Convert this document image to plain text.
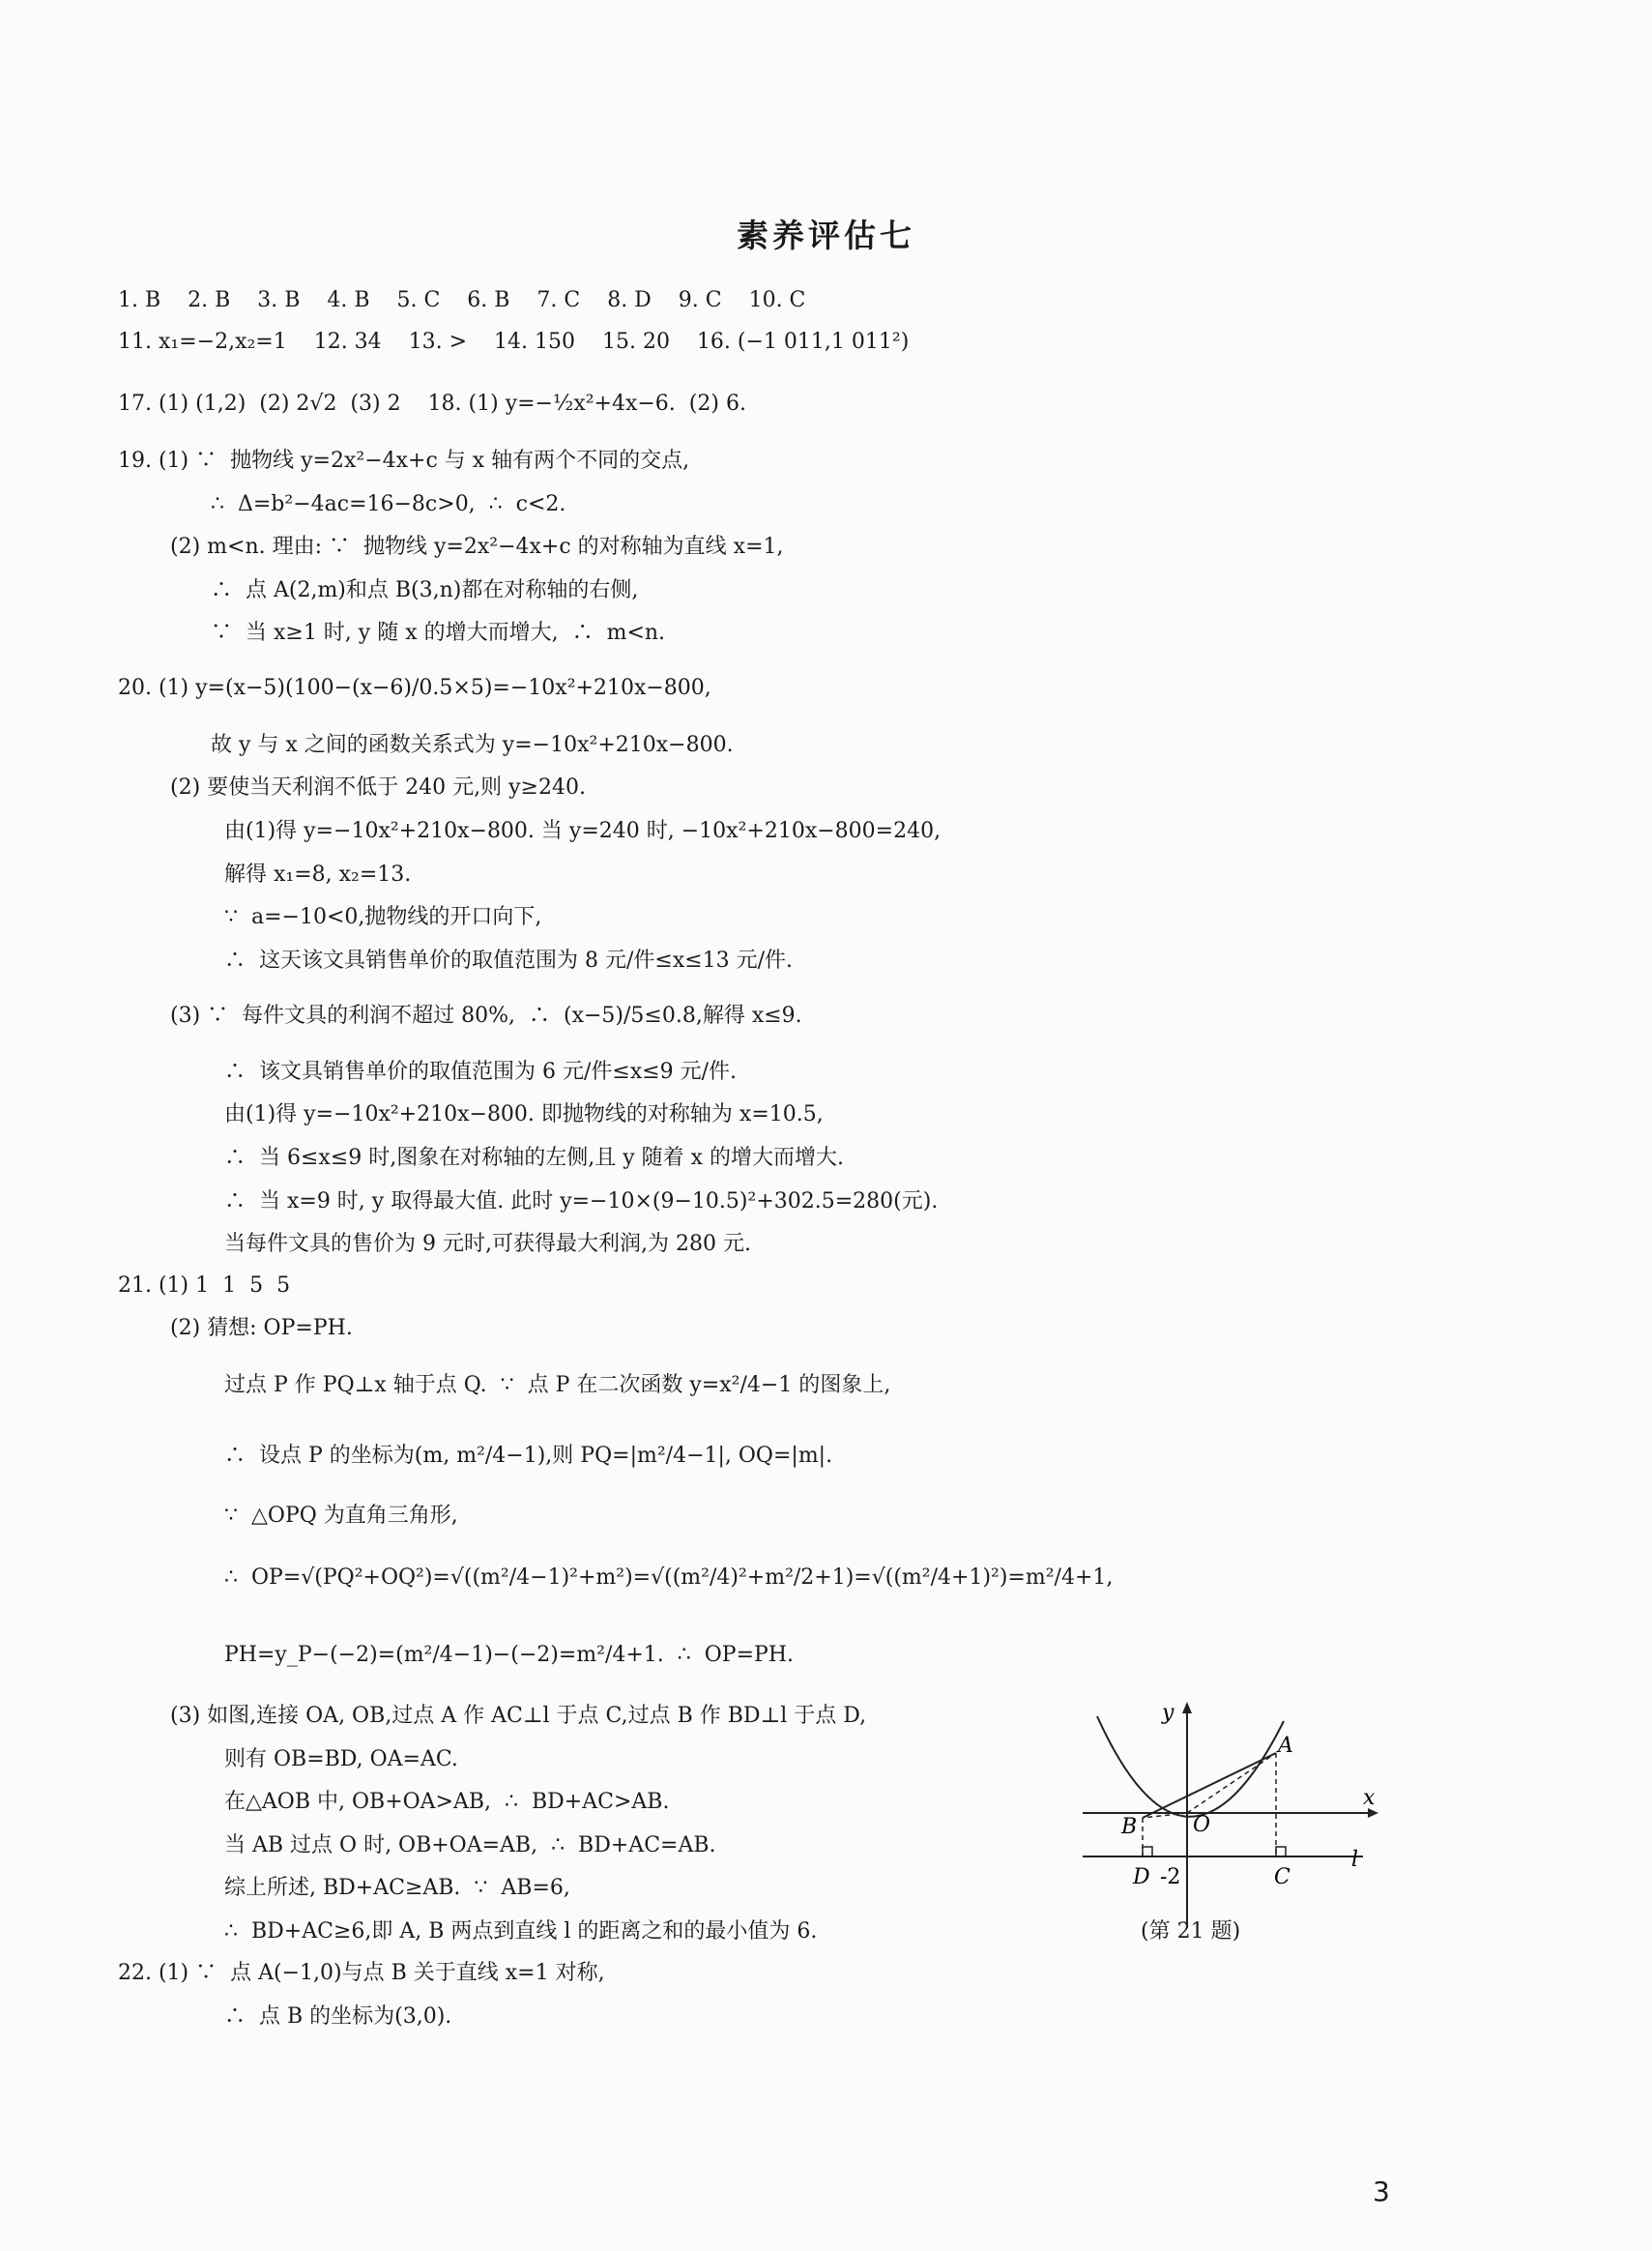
素养评估七
1. B    2. B    3. B    4. B    5. C    6. B    7. C    8. D    9. C    10. C
11. x₁=−2,x₂=1    12. 34    13. >    14. 150    15. 20    16. (−1 011,1 011²)
17. (1) (1,2)  (2) 2√2  (3) 2    18. (1) y=−½x²+4x−6.  (2) 6.
19. (1) ∵  抛物线 y=2x²−4x+c 与 x 轴有两个不同的交点,
∴  Δ=b²−4ac=16−8c>0,  ∴  c<2.
(2) m<n. 理由: ∵  抛物线 y=2x²−4x+c 的对称轴为直线 x=1,
∴  点 A(2,m)和点 B(3,n)都在对称轴的右侧,
∵  当 x≥1 时, y 随 x 的增大而增大,  ∴  m<n.
20. (1) y=(x−5)(100−(x−6)/0.5×5)=−10x²+210x−800,
故 y 与 x 之间的函数关系式为 y=−10x²+210x−800.
(2) 要使当天利润不低于 240 元,则 y≥240.
由(1)得 y=−10x²+210x−800. 当 y=240 时, −10x²+210x−800=240,
解得 x₁=8, x₂=13.
∵  a=−10<0,抛物线的开口向下,
∴  这天该文具销售单价的取值范围为 8 元/件≤x≤13 元/件.
(3) ∵  每件文具的利润不超过 80%,  ∴  (x−5)/5≤0.8,解得 x≤9.
∴  该文具销售单价的取值范围为 6 元/件≤x≤9 元/件.
由(1)得 y=−10x²+210x−800. 即抛物线的对称轴为 x=10.5,
∴  当 6≤x≤9 时,图象在对称轴的左侧,且 y 随着 x 的增大而增大.
∴  当 x=9 时, y 取得最大值. 此时 y=−10×(9−10.5)²+302.5=280(元).
当每件文具的售价为 9 元时,可获得最大利润,为 280 元.
21. (1) 1  1  5  5
(2) 猜想: OP=PH.
过点 P 作 PQ⊥x 轴于点 Q.  ∵  点 P 在二次函数 y=x²/4−1 的图象上,
∴  设点 P 的坐标为(m, m²/4−1),则 PQ=|m²/4−1|, OQ=|m|.
∵  △OPQ 为直角三角形,
∴  OP=√(PQ²+OQ²)=√((m²/4−1)²+m²)=√((m²/4)²+m²/2+1)=√((m²/4+1)²)=m²/4+1,
PH=y_P−(−2)=(m²/4−1)−(−2)=m²/4+1.  ∴  OP=PH.
(3) 如图,连接 OA, OB,过点 A 作 AC⊥l 于点 C,过点 B 作 BD⊥l 于点 D,
则有 OB=BD, OA=AC.
在△AOB 中, OB+OA>AB,  ∴  BD+AC>AB.
当 AB 过点 O 时, OB+OA=AB,  ∴  BD+AC=AB.
综上所述, BD+AC≥AB.  ∵  AB=6,
∴  BD+AC≥6,即 A, B 两点到直线 l 的距离之和的最小值为 6.
22. (1) ∵  点 A(−1,0)与点 B 关于直线 x=1 对称,
∴  点 B 的坐标为(3,0).
y
A
x
B	O
D -2	C
l
(第 21 题)
3
